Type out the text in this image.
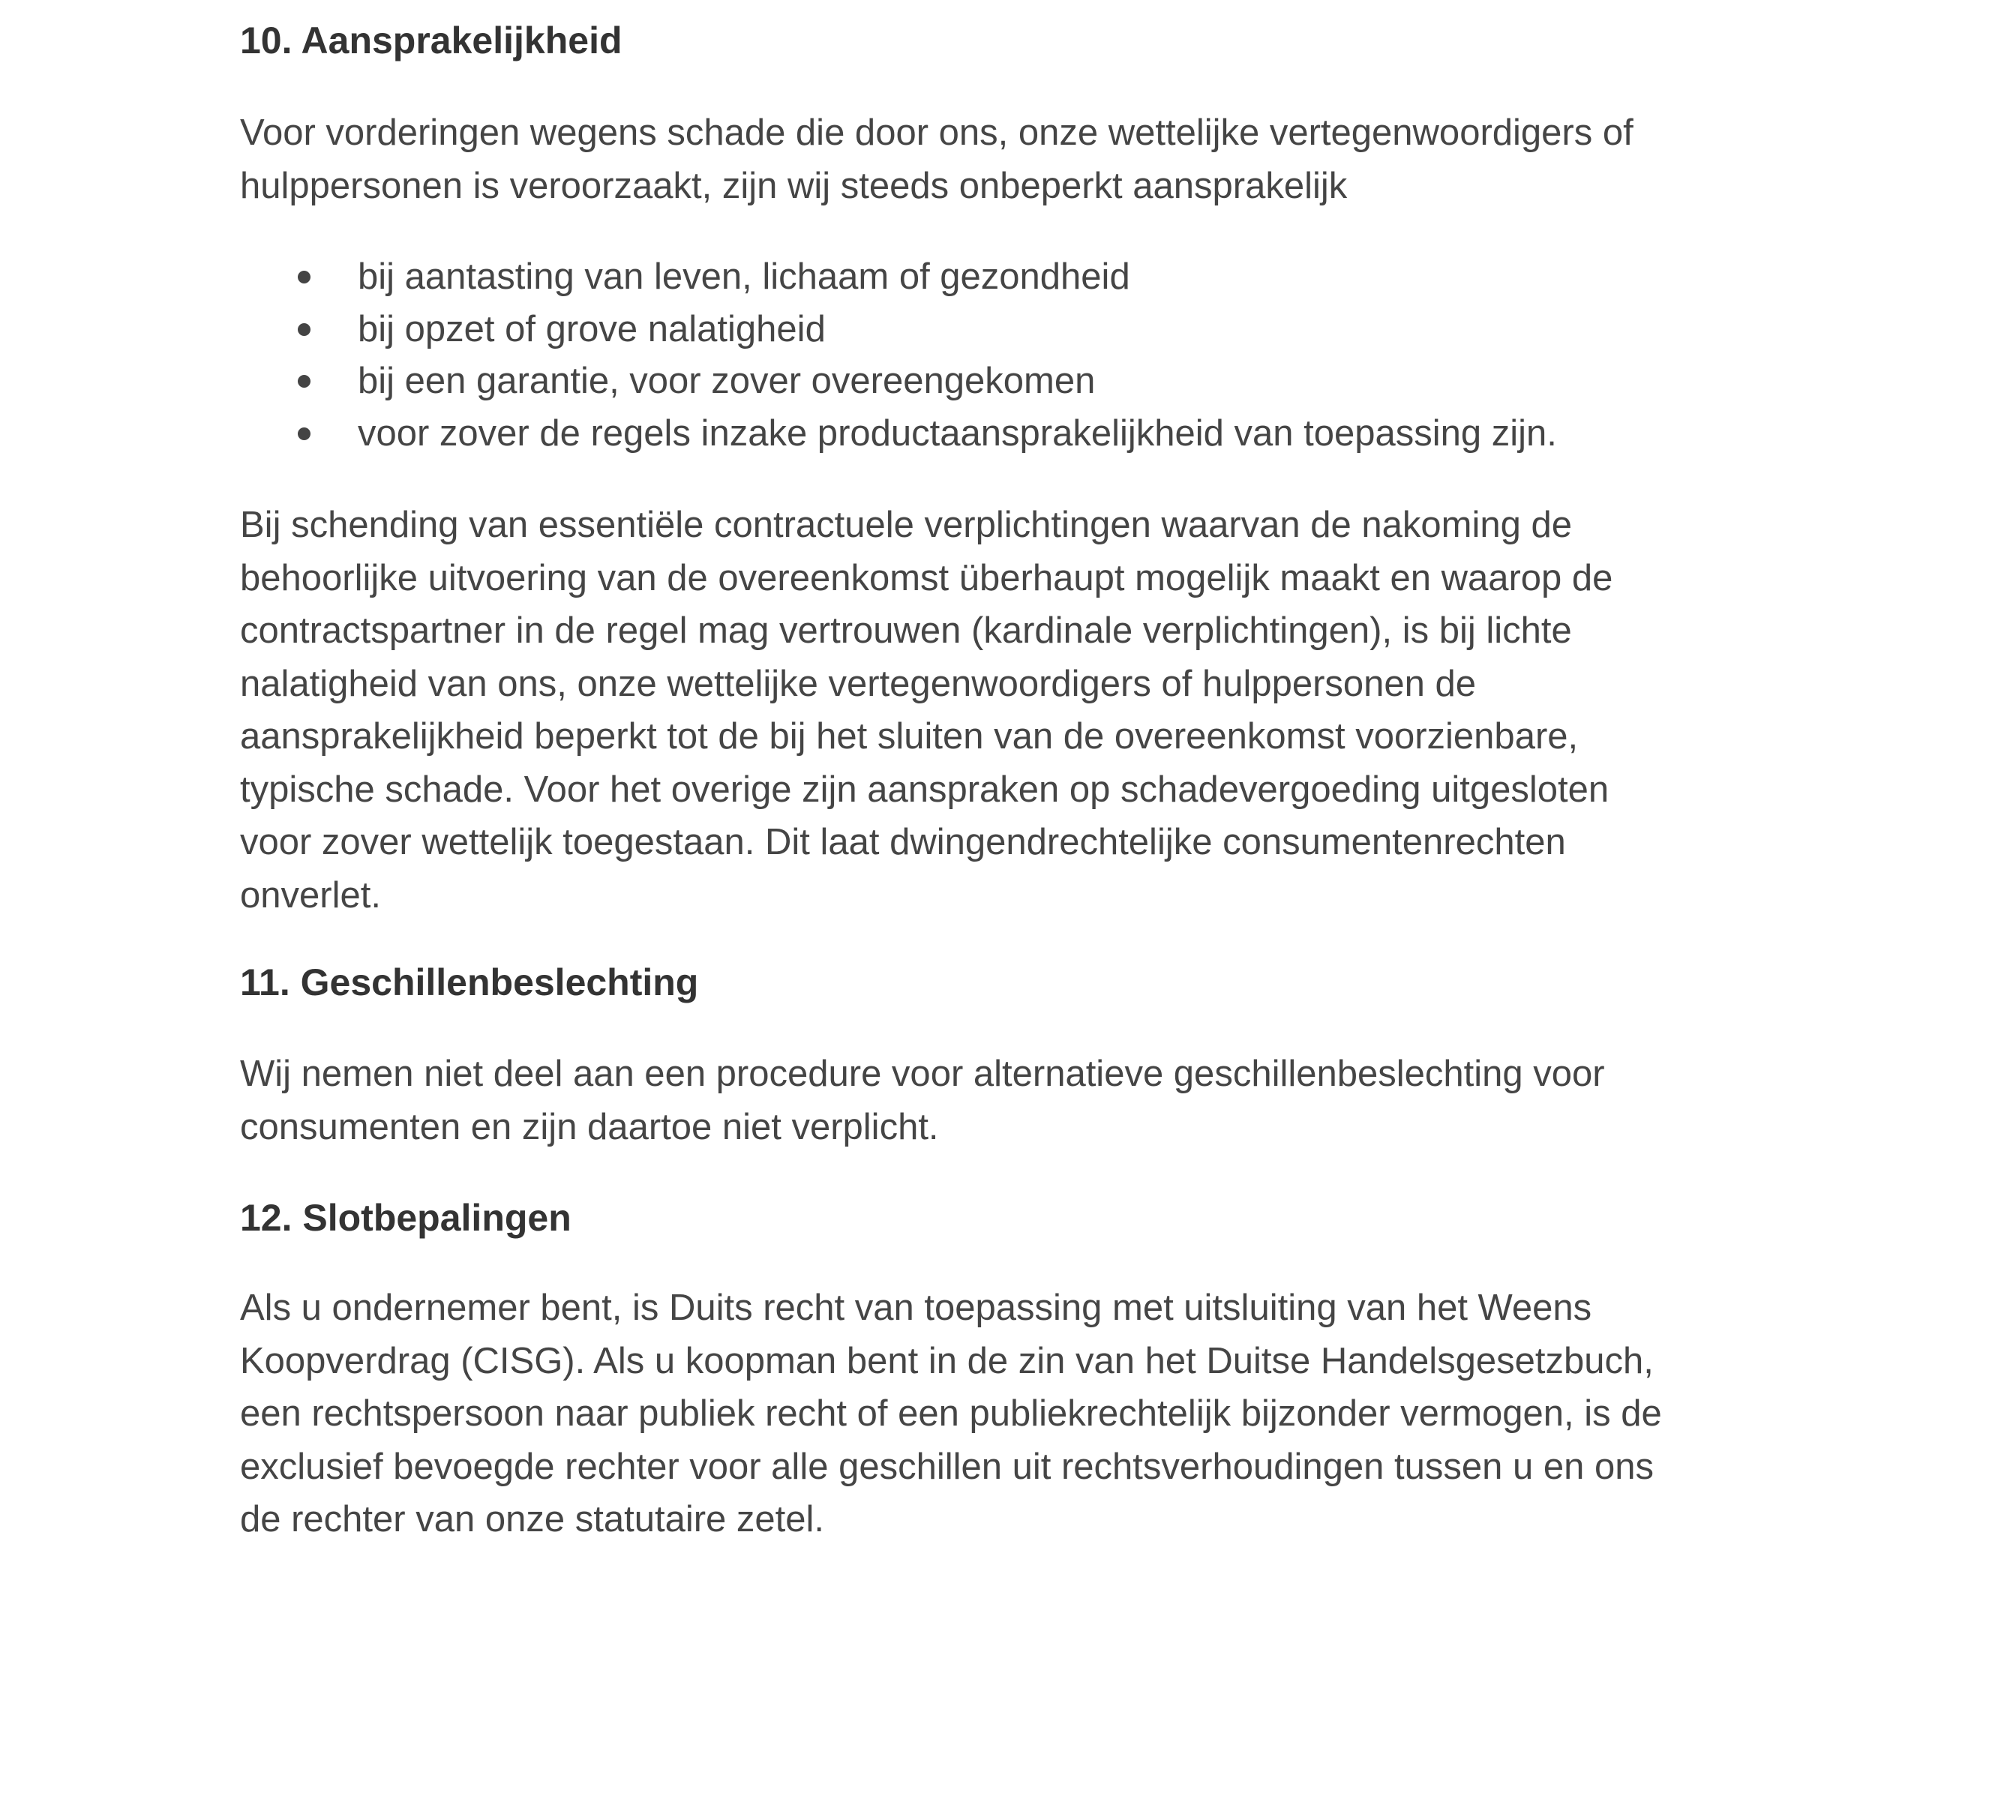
10. Aansprakelijkheid

Voor vorderingen wegens schade die door ons, onze wettelijke vertegenwoordigers of
hulppersonen is veroorzaakt, zijn wij steeds onbeperkt aansprakelijk

bij aantasting van leven, lichaam of gezondheid
bij opzet of grove nalatigheid
bij een garantie, voor zover overeengekomen
voor zover de regels inzake productaansprakelijkheid van toepassing zijn.

Bij schending van essentiële contractuele verplichtingen waarvan de nakoming de
behoorlijke uitvoering van de overeenkomst überhaupt mogelijk maakt en waarop de
contractspartner in de regel mag vertrouwen (kardinale verplichtingen), is bij lichte
nalatigheid van ons, onze wettelijke vertegenwoordigers of hulppersonen de
aansprakelijkheid beperkt tot de bij het sluiten van de overeenkomst voorzienbare,
typische schade. Voor het overige zijn aanspraken op schadevergoeding uitgesloten
voor zover wettelijk toegestaan. Dit laat dwingendrechtelijke consumentenrechten
onverlet.

11. Geschillenbeslechting

Wij nemen niet deel aan een procedure voor alternatieve geschillenbeslechting voor
consumenten en zijn daartoe niet verplicht.

12. Slotbepalingen

Als u ondernemer bent, is Duits recht van toepassing met uitsluiting van het Weens
Koopverdrag (CISG). Als u koopman bent in de zin van het Duitse Handelsgesetzbuch,
een rechtspersoon naar publiek recht of een publiekrechtelijk bijzonder vermogen, is de
exclusief bevoegde rechter voor alle geschillen uit rechtsverhoudingen tussen u en ons
de rechter van onze statutaire zetel.
